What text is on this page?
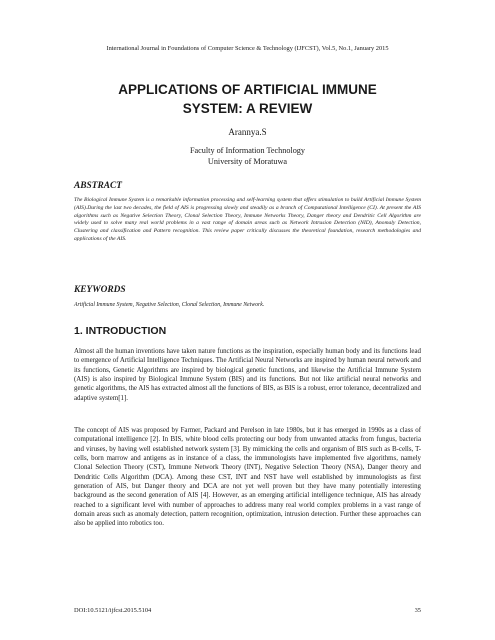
International Journal in Foundations of Computer Science & Technology (IJFCST), Vol.5, No.1, January 2015
APPLICATIONS OF ARTIFICIAL IMMUNE
SYSTEM: A REVIEW
Arannya.S
Faculty of Information Technology
University of Moratuwa
ABSTRACT
The Biological Immune System is a remarkable information processing and self-learning system that offers stimulation to build Artificial Immune System (AIS).During the last two decades, the field of AIS is progressing slowly and steadily as a branch of Computational Intelligence (CI). At present the AIS algorithms such as Negative Selection Theory, Clonal Selection Theory, Immune Networks Theory, Danger theory and Dendritic Cell Algorithm are widely used to solve many real world problems in a vast range of domain areas such as Network Intrusion Detection (NID), Anomaly Detection, Clustering and classification and Pattern recognition. This review paper critically discusses the theoretical foundation, research methodologies and applications of the AIS.
KEYWORDS
Artificial Immune System, Negative Selection, Clonal Selection, Immune Network.
1. INTRODUCTION

Almost all the human inventions have taken nature functions as the inspiration, especially human body and its functions lead to emergence of Artificial Intelligence Techniques. The Artificial Neural Networks are inspired by human neural network and its functions, Genetic Algorithms are inspired by biological genetic functions, and likewise the Artificial Immune System (AIS) is also inspired by Biological Immune System (BIS) and its functions. But not like artificial neural networks and genetic algorithms, the AIS has extracted almost all the functions of BIS, as BIS is a robust, error tolerance, decentralized and adaptive system[1].

The concept of AIS was proposed by Farmer, Packard and Perelson in late 1980s, but it has emerged in 1990s as a class of computational intelligence [2]. In BIS, white blood cells protecting our body from unwanted attacks from fungus, bacteria and viruses, by having well established network system [3]. By mimicking the cells and organism of BIS such as B-cells, T-cells, born marrow and antigens as in instance of a class, the immunologists have implemented five algorithms, namely Clonal Selection Theory (CST), Immune Network Theory (INT), Negative Selection Theory (NSA), Danger theory and Dendritic Cells Algorithm (DCA). Among these CST, INT and NST have well established by immunologists as first generation of AIS, but Danger theory and DCA are not yet well proven but they have many potentially interesting background as the second generation of AIS [4]. However, as an emerging artificial intelligence technique, AIS has already reached to a significant level with number of approaches to address many real world complex problems in a vast range of domain areas such as anomaly detection, pattern recognition, optimization, intrusion detection. Further these approaches can also be applied into robotics too.

DOI:10.5121/ijfcst.2015.5104	35
